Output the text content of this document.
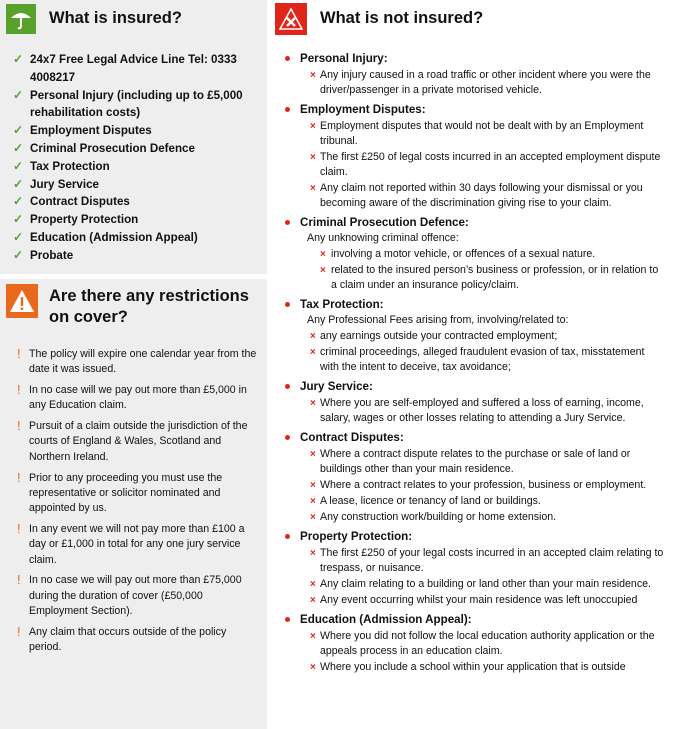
What is insured?
✓ 24x7 Free Legal Advice Line Tel: 0333 4008217
✓ Personal Injury (including up to £5,000 rehabilitation costs)
✓ Employment Disputes
✓ Criminal Prosecution Defence
✓ Tax Protection
✓ Jury Service
✓ Contract Disputes
✓ Property Protection
✓ Education (Admission Appeal)
✓ Probate
Are there any restrictions on cover?
! The policy will expire one calendar year from the date it was issued.
! In no case will we pay out more than £5,000 in any Education claim.
! Pursuit of a claim outside the jurisdiction of the courts of England & Wales, Scotland and Northern Ireland.
! Prior to any proceeding you must use the representative or solicitor nominated and appointed by us.
! In any event we will not pay more than £100 a day or £1,000 in total for any one jury service claim.
! In no case we will pay out more than £75,000 during the duration of cover (£50,000 Employment Section).
! Any claim that occurs outside of the policy period.
What is not insured?
Personal Injury:
× Any injury caused in a road traffic or other incident where you were the driver/passenger in a private motorised vehicle.
Employment Disputes:
× Employment disputes that would not be dealt with by an Employment tribunal.
× The first £250 of legal costs incurred in an accepted employment dispute claim.
× Any claim not reported within 30 days following your dismissal or you becoming aware of the discrimination giving rise to your claim.
Criminal Prosecution Defence:
Any unknowing criminal offence:
× involving a motor vehicle, or offences of a sexual nature.
× related to the insured person’s business or profession, or in relation to a claim under an insurance policy/claim.
Tax Protection:
Any Professional Fees arising from, involving/related to:
× any earnings outside your contracted employment;
× criminal proceedings, alleged fraudulent evasion of tax, misstatement with the intent to deceive, tax avoidance;
Jury Service:
× Where you are self-employed and suffered a loss of earning, income, salary, wages or other losses relating to attending a Jury Service.
Contract Disputes:
× Where a contract dispute relates to the purchase or sale of land or buildings other than your main residence.
× Where a contract relates to your profession, business or employment.
× A lease, licence or tenancy of land or buildings.
× Any construction work/building or home extension.
Property Protection:
× The first £250 of your legal costs incurred in an accepted claim relating to trespass, or nuisance.
× Any claim relating to a building or land other than your main residence.
× Any event occurring whilst your main residence was left unoccupied
Education (Admission Appeal):
× Where you did not follow the local education authority application or the appeals process in an education claim.
× Where you include a school within your application that is outside
